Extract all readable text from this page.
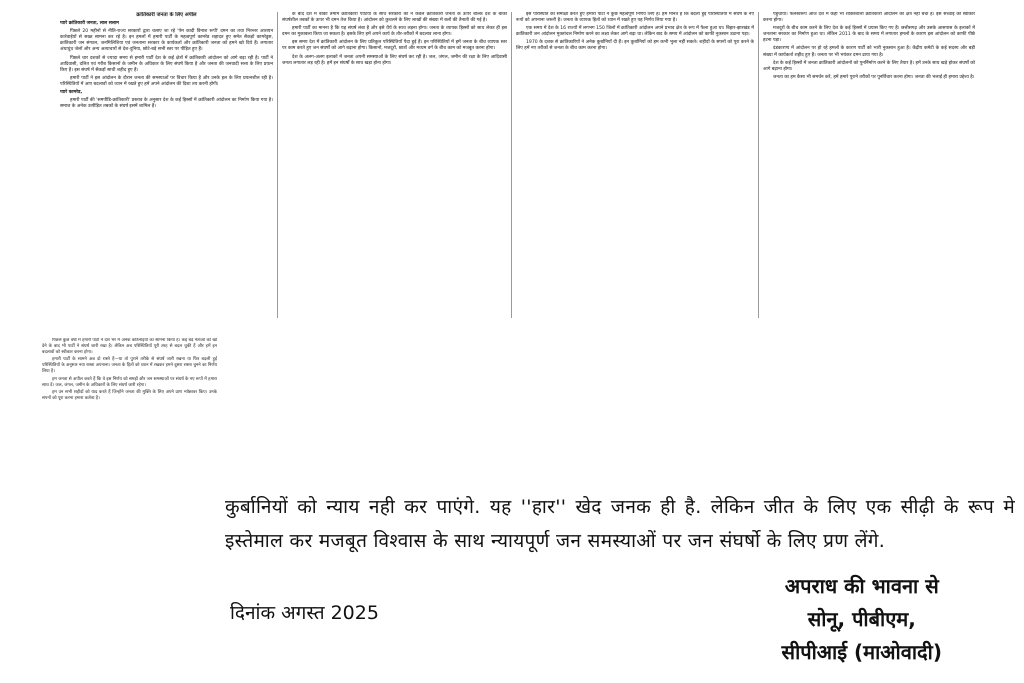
क्रांतिकारी जनता के लिए अपील
प्यारे क्रांतिकारी जनता, लाल सलाम

पिछले 20 महीनों से नीति-राज्य सरकारों द्वारा चलाए जा रहे 'पेम कादी विनाश रूपी' दमन का तथा निरन्तर आशयन कार्रवाईयों से सख्त सामना कर रहे है। इन हमलों में हमारी पार्टी के महत्वपूर्ण कामरेड शहादत हुए समेत सैकड़ों कामरेडुस, क्रांतिकारी जन संगठन, जनमिलिशिया एवं जनताना सरकार के कार्यकर्ता और क्रांतिकारी जनता को हमने खो दिये हैं। लगातार अंधाधुंध जेलों और अन्य अत्याचारों से देश-दुनिया, छोटे-बड़े सभी स्तर पर पीड़ित हुए हैं।

पिछले चार दशकों से ज्यादा समय से हमारी पार्टी देश के कई क्षेत्रों में क्रांतिकारी आंदोलन को आगे बढ़ा रही है। पार्टी ने आदिवासी, दलित एवं गरीब किसानों के जमीन के अधिकार के लिए संघर्ष किया है और जनता की जनवादी सत्ता के लिए प्रयत्न किए हैं। इस संघर्ष में सैकड़ों साथी शहीद हुए हैं।

हमारी पार्टी ने इस आंदोलन के दौरान जनता की समस्याओं पर विचार किया है और उनके हल के लिए प्रयत्नशील रही है। परिस्थितियों में आए बदलावों को ध्यान में रखते हुए हमें अपने आंदोलन की दिशा तय करनी होगी।

प्यारे कामरेड,

हमारी पार्टी की 'समपीडि-क्रांतिकारी' प्रस्ताव के अनुसार देश के कई हिस्सों में क्रांतिकारी आंदोलन का निर्माण किया गया है। समाज के अनेक उत्पीड़ित तबकों के संघर्ष इसमें शामिल हैं।

के बाद देश में बाकी तमाम क्रांतिकारी पार्टियों के साथ सरकारों को न केवल क्रांतिकारी जनता के ऊपर बल्कि देश के बाकी संघर्षशील तबकों के ऊपर भी दमन तेज किया है। आंदोलन को कुचलने के लिए लाखों की संख्या में बलों की तैनाती की गई है।

हमारी पार्टी का मानना है कि यह संघर्ष लंबा है और इसे धैर्य के साथ लड़ना होगा। जनता के व्यापक हिस्सों को साथ लेकर ही इस दमन का मुकाबला किया जा सकता है। इसके लिए हमें अपने कार्य के तौर-तरीकों में बदलाव लाना होगा।

इस समय देश में क्रांतिकारी आंदोलन के लिए प्रतिकूल परिस्थितियाँ पैदा हुई हैं। इन परिस्थितियों में हमें जनता के बीच व्यापक स्तर पर काम करते हुए जन संघर्षों को आगे बढ़ाना होगा। किसानों, मजदूरों, छात्रों और मध्यम वर्ग के बीच काम को मजबूत करना होगा।

देश के अलग-अलग इलाकों में जनता अपनी समस्याओं के लिए संघर्ष कर रही है। जल, जंगल, जमीन की रक्षा के लिए आदिवासी जनता लगातार लड़ रही है। हमें इन संघर्षों के साथ खड़ा होना होगा।

इस परिस्थिति की समीक्षा करते हुए हमारी पार्टी ने कुछ महत्वपूर्ण निर्णय लिए हैं। हम मानते हैं कि बदली हुई परिस्थितियों में संघर्ष के नए रूपों को अपनाना जरूरी है। जनता के व्यापक हितों को ध्यान में रखते हुए यह निर्णय लिया गया है।

एक समय में देश के 16 राज्यों में लगभग 150 जिलों में क्रांतिकारी आंदोलन अपने प्रभाव क्षेत्र के रूप में फैला हुआ था। बिहार-झारखंड में क्रांतिकारी जन आंदोलन मुक्तांचल निर्माण करने का लक्ष्य लेकर आगे बढ़ा था। लेकिन बाद के समय में आंदोलन को काफी नुकसान उठाना पड़ा।

1970 के दशक से क्रांतिकारियों ने अनेक कुर्बानियाँ दी हैं। इन कुर्बानियों को हम कभी भुला नहीं सकते। शहीदों के सपनों को पूरा करने के लिए हमें नए तरीकों से जनता के बीच काम करना होगा।

पहुँचाया। फलस्वरूप आज देश में कहीं भी शक्तिशाली क्रांतिकारी आंदोलन का क्षेत्र नहीं बचा है। इस सच्चाई को स्वीकार करना होगा।

मजदूरों के बीच काम करने के लिए देश के कई हिस्सों में प्रयास किए गए हैं। छत्तीसगढ़ और उसके आसपास के इलाकों में जनताना सरकार का निर्माण हुआ था। लेकिन 2011 के बाद के समय में लगातार हमलों के कारण इस आंदोलन को काफी पीछे हटना पड़ा।

दंडकारण्य में आंदोलन पर हो रहे हमलों के कारण पार्टी को भारी नुकसान हुआ है। केंद्रीय कमेटी के कई सदस्य और बड़ी संख्या में कार्यकर्ता शहीद हुए हैं। जनता पर भी भयंकर दमन ढाया गया है।

देश के कई हिस्सों में जनता क्रांतिकारी आंदोलनों को पुनर्निर्माण करने के लिए तैयार है। हमें उनके साथ खड़े होकर संघर्षों को आगे बढ़ाना होगा।

जनता का हम कैसा भी समर्थन करें, हमें हमारे पुराने तरीकों पर पुनर्विचार करना होगा। जनता की भलाई ही हमारा उद्देश्य है।

पिछले कुछ वर्षों में हमारी पार्टी ने देश भर में अनेक कठिनाइयों का सामना किया है। कई बड़े नेताओं को खो देने के बाद भी पार्टी ने संघर्ष जारी रखा है। लेकिन अब परिस्थितियाँ पूरी तरह से बदल चुकी हैं और हमें इन बदलावों को स्वीकार करना होगा।

हमारी पार्टी के सामने अब दो रास्ते हैं—या तो पुराने तरीके से संघर्ष जारी रखना या फिर बदली हुई परिस्थितियों के अनुसार नया रास्ता अपनाना। जनता के हितों को ध्यान में रखकर हमने दूसरा रास्ता चुनने का निर्णय लिया है।

हम जनता से अपील करते हैं कि वे इस निर्णय को समझें और जन समस्याओं पर संघर्ष के नए रूपों में हमारा साथ दें। जल, जंगल, जमीन के अधिकारों के लिए संघर्ष जारी रहेगा।

हम उन सभी शहीदों को याद करते हैं जिन्होंने जनता की मुक्ति के लिए अपने प्राण न्योछावर किए। उनके सपनों को पूरा करना हमारा कर्तव्य है।

कुर्बानियों को न्याय नही कर पाएंगे. यह ''हार'' खेद जनक ही है. लेकिन जीत के लिए एक सीढ़ी के रूप मे इस्तेमाल कर मजबूत विश्वास के साथ न्यायपूर्ण जन समस्याओं पर जन संघर्षो के लिए प्रण लेंगे.
दिनांक अगस्त 2025
अपराध की भावना से
सोनू, पीबीएम,
सीपीआई (माओवादी)
